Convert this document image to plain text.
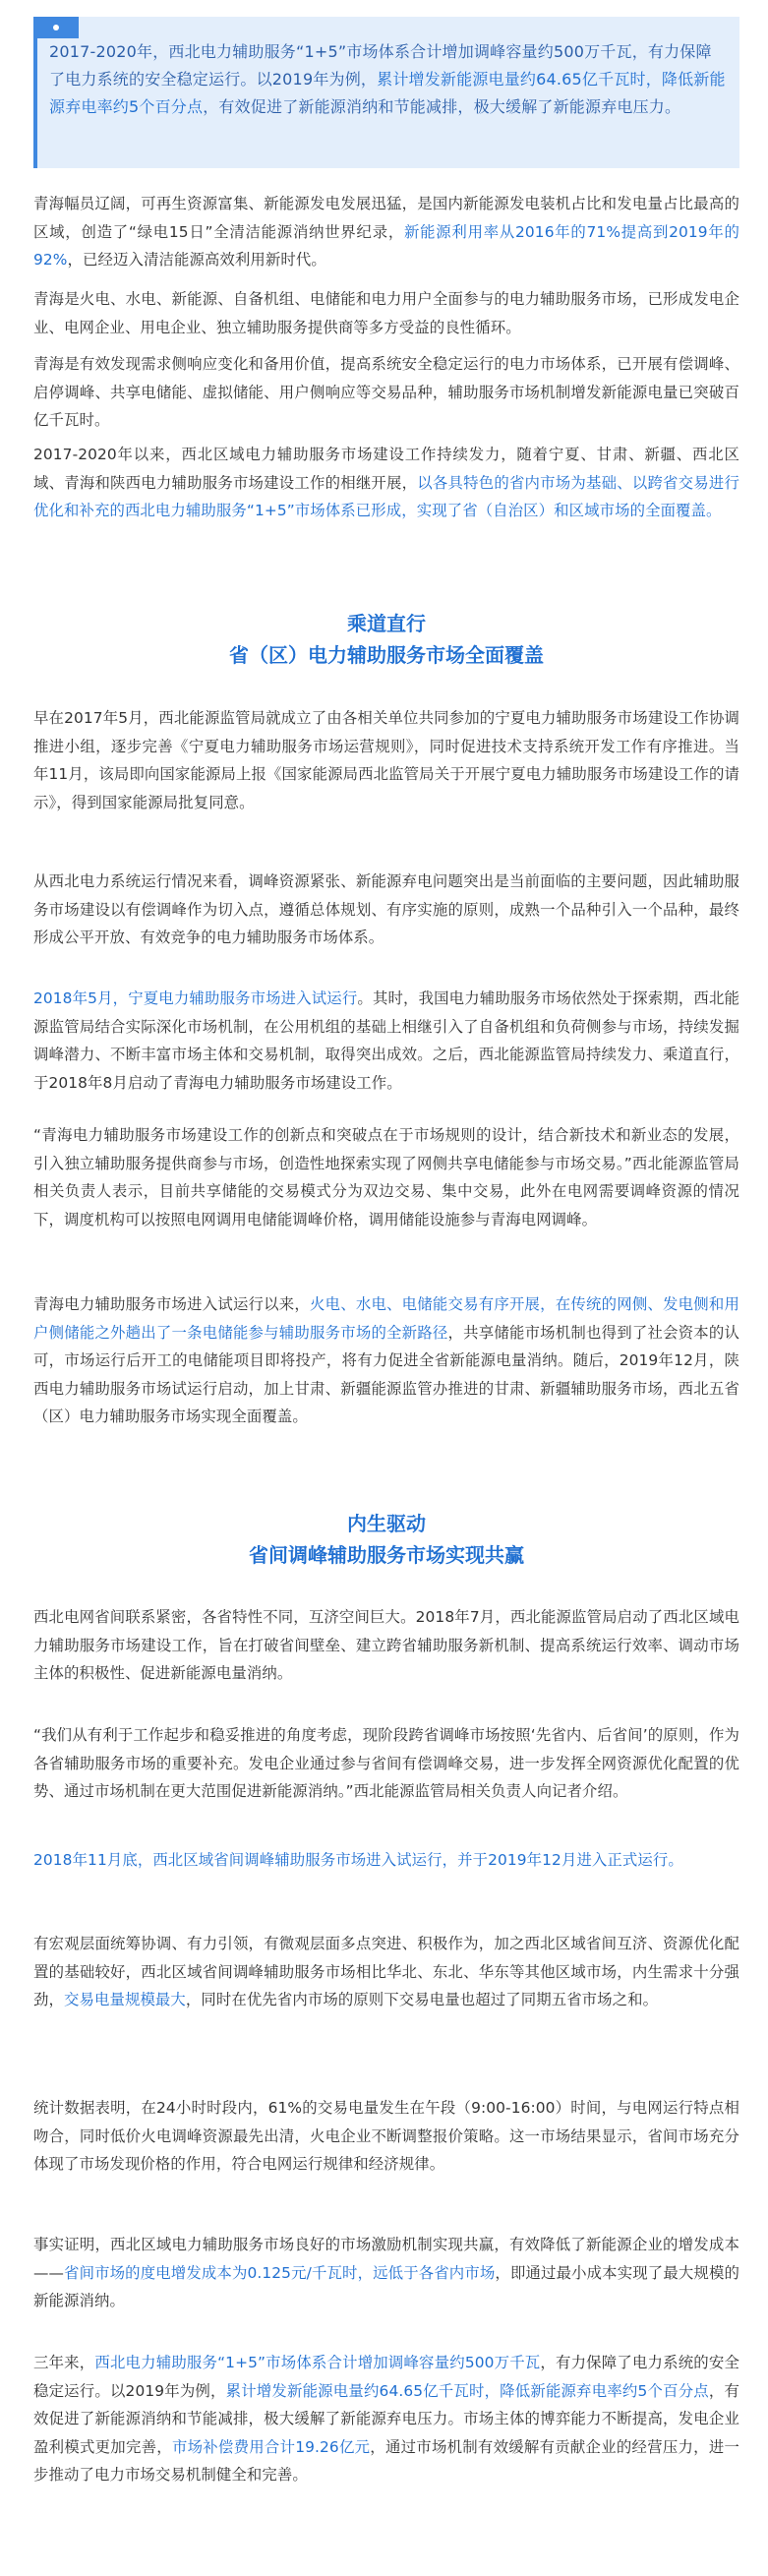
2017-2020年，西北电力辅助服务“1+5”市场体系合计增加调峰容量约500万千瓦，有力保障了电力系统的安全稳定运行。以2019年为例，累计增发新能源电量约64.65亿千瓦时，降低新能源弃电率约5个百分点，有效促进了新能源消纳和节能减排，极大缓解了新能源弃电压力。

青海幅员辽阔，可再生资源富集、新能源发电发展迅猛，是国内新能源发电装机占比和发电量占比最高的区域，创造了“绿电15日”全清洁能源消纳世界纪录，新能源利用率从2016年的71%提高到2019年的92%，已经迈入清洁能源高效利用新时代。

青海是火电、水电、新能源、自备机组、电储能和电力用户全面参与的电力辅助服务市场，已形成发电企业、电网企业、用电企业、独立辅助服务提供商等多方受益的良性循环。

青海是有效发现需求侧响应变化和备用价值，提高系统安全稳定运行的电力市场体系，已开展有偿调峰、启停调峰、共享电储能、虚拟储能、用户侧响应等交易品种，辅助服务市场机制增发新能源电量已突破百亿千瓦时。

2017-2020年以来，西北区域电力辅助服务市场建设工作持续发力，随着宁夏、甘肃、新疆、西北区域、青海和陕西电力辅助服务市场建设工作的相继开展，以各具特色的省内市场为基础、以跨省交易进行优化和补充的西北电力辅助服务“1+5”市场体系已形成，实现了省（自治区）和区域市场的全面覆盖。

乘道直行
省（区）电力辅助服务市场全面覆盖

早在2017年5月，西北能源监管局就成立了由各相关单位共同参加的宁夏电力辅助服务市场建设工作协调推进小组，逐步完善《宁夏电力辅助服务市场运营规则》，同时促进技术支持系统开发工作有序推进。当年11月，该局即向国家能源局上报《国家能源局西北监管局关于开展宁夏电力辅助服务市场建设工作的请示》，得到国家能源局批复同意。

从西北电力系统运行情况来看，调峰资源紧张、新能源弃电问题突出是当前面临的主要问题，因此辅助服务市场建设以有偿调峰作为切入点，遵循总体规划、有序实施的原则，成熟一个品种引入一个品种，最终形成公平开放、有效竞争的电力辅助服务市场体系。

2018年5月，宁夏电力辅助服务市场进入试运行。其时，我国电力辅助服务市场依然处于探索期，西北能源监管局结合实际深化市场机制，在公用机组的基础上相继引入了自备机组和负荷侧参与市场，持续发掘调峰潜力、不断丰富市场主体和交易机制，取得突出成效。之后，西北能源监管局持续发力、乘道直行，于2018年8月启动了青海电力辅助服务市场建设工作。

“青海电力辅助服务市场建设工作的创新点和突破点在于市场规则的设计，结合新技术和新业态的发展，引入独立辅助服务提供商参与市场，创造性地探索实现了网侧共享电储能参与市场交易。”西北能源监管局相关负责人表示，目前共享储能的交易模式分为双边交易、集中交易，此外在电网需要调峰资源的情况下，调度机构可以按照电网调用电储能调峰价格，调用储能设施参与青海电网调峰。

青海电力辅助服务市场进入试运行以来，火电、水电、电储能交易有序开展，在传统的网侧、发电侧和用户侧储能之外趟出了一条电储能参与辅助服务市场的全新路径，共享储能市场机制也得到了社会资本的认可，市场运行后开工的电储能项目即将投产，将有力促进全省新能源电量消纳。随后，2019年12月，陕西电力辅助服务市场试运行启动，加上甘肃、新疆能源监管办推进的甘肃、新疆辅助服务市场，西北五省（区）电力辅助服务市场实现全面覆盖。

内生驱动
省间调峰辅助服务市场实现共赢

西北电网省间联系紧密，各省特性不同，互济空间巨大。2018年7月，西北能源监管局启动了西北区域电力辅助服务市场建设工作，旨在打破省间壁垒、建立跨省辅助服务新机制、提高系统运行效率、调动市场主体的积极性、促进新能源电量消纳。

“我们从有利于工作起步和稳妥推进的角度考虑，现阶段跨省调峰市场按照‘先省内、后省间’的原则，作为各省辅助服务市场的重要补充。发电企业通过参与省间有偿调峰交易，进一步发挥全网资源优化配置的优势、通过市场机制在更大范围促进新能源消纳。”西北能源监管局相关负责人向记者介绍。

2018年11月底，西北区域省间调峰辅助服务市场进入试运行，并于2019年12月进入正式运行。

有宏观层面统筹协调、有力引领，有微观层面多点突进、积极作为，加之西北区域省间互济、资源优化配置的基础较好，西北区域省间调峰辅助服务市场相比华北、东北、华东等其他区域市场，内生需求十分强劲，交易电量规模最大，同时在优先省内市场的原则下交易电量也超过了同期五省市场之和。

统计数据表明，在24小时时段内，61%的交易电量发生在午段（9:00-16:00）时间，与电网运行特点相吻合，同时低价火电调峰资源最先出清，火电企业不断调整报价策略。这一市场结果显示，省间市场充分体现了市场发现价格的作用，符合电网运行规律和经济规律。

事实证明，西北区域电力辅助服务市场良好的市场激励机制实现共赢，有效降低了新能源企业的增发成本——省间市场的度电增发成本为0.125元/千瓦时，远低于各省内市场，即通过最小成本实现了最大规模的新能源消纳。

三年来，西北电力辅助服务“1+5”市场体系合计增加调峰容量约500万千瓦，有力保障了电力系统的安全稳定运行。以2019年为例，累计增发新能源电量约64.65亿千瓦时，降低新能源弃电率约5个百分点，有效促进了新能源消纳和节能减排，极大缓解了新能源弃电压力。市场主体的博弈能力不断提高，发电企业盈利模式更加完善，市场补偿费用合计19.26亿元，通过市场机制有效缓解有贡献企业的经营压力，进一步推动了电力市场交易机制健全和完善。
